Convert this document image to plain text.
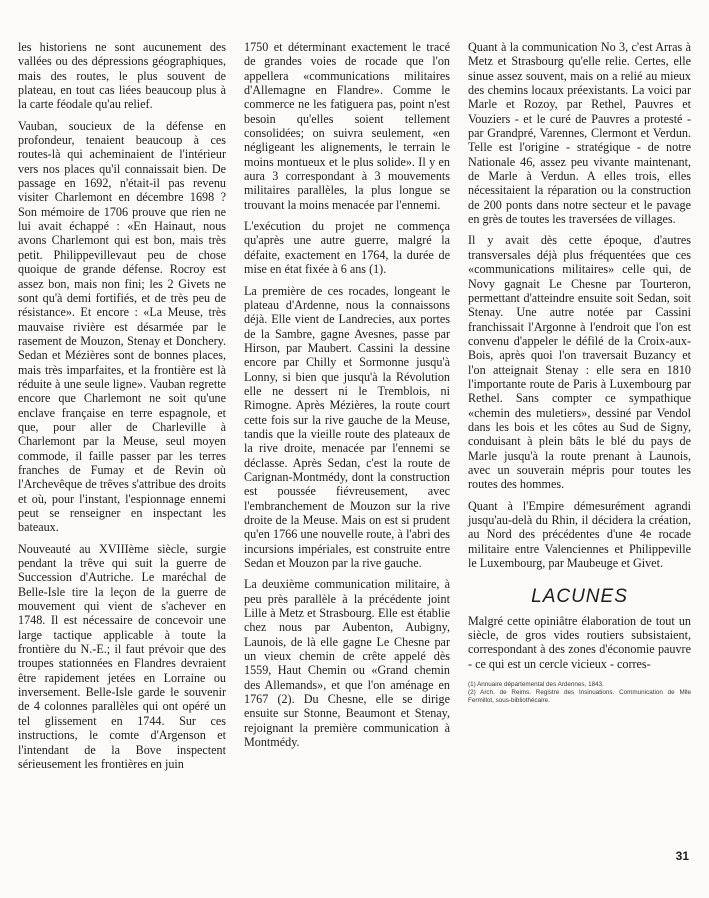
les historiens ne sont aucunement des vallées ou des dépressions géographiques, mais des routes, le plus souvent de plateau, en tout cas liées beaucoup plus à la carte féodale qu'au relief.

Vauban, soucieux de la défense en profondeur, tenaient beaucoup à ces routes-là qui acheminaient de l'intérieur vers nos places qu'il connaissait bien. De passage en 1692, n'était-il pas revenu visiter Charlemont en décembre 1698 ? Son mémoire de 1706 prouve que rien ne lui avait échappé : «En Hainaut, nous avons Charlemont qui est bon, mais très petit. Philippevillevaut peu de chose quoique de grande défense. Rocroy est assez bon, mais non fini; les 2 Givets ne sont qu'à demi fortifiés, et de très peu de résistance». Et encore : «La Meuse, très mauvaise rivière est désarmée par le rasement de Mouzon, Stenay et Donchery. Sedan et Mézières sont de bonnes places, mais très imparfaites, et la frontière est là réduite à une seule ligne». Vauban regrette encore que Charlemont ne soit qu'une enclave française en terre espagnole, et que, pour aller de Charleville à Charlemont par la Meuse, seul moyen commode, il faille passer par les terres franches de Fumay et de Revin où l'Archevêque de trêves s'attribue des droits et où, pour l'instant, l'espionnage ennemi peut se renseigner en inspectant les bateaux.

Nouveauté au XVIIIème siècle, surgie pendant la trêve qui suit la guerre de Succession d'Autriche. Le maréchal de Belle-Isle tire la leçon de la guerre de mouvement qui vient de s'achever en 1748. Il est nécessaire de concevoir une large tactique applicable à toute la frontière du N.-E.; il faut prévoir que des troupes stationnées en Flandres devraient être rapidement jetées en Lorraine ou inversement. Belle-Isle garde le souvenir de 4 colonnes parallèles qui ont opéré un tel glissement en 1744. Sur ces instructions, le comte d'Argenson et l'intendant de la Bove inspectent sérieusement les frontières en juin

1750 et déterminant exactement le tracé de grandes voies de rocade que l'on appellera «communications militaires d'Allemagne en Flandre». Comme le commerce ne les fatiguera pas, point n'est besoin qu'elles soient tellement consolidées; on suivra seulement, «en négligeant les alignements, le terrain le moins montueux et le plus solide». Il y en aura 3 correspondant à 3 mouvements militaires parallèles, la plus longue se trouvant la moins menacée par l'ennemi.

L'exécution du projet ne commença qu'après une autre guerre, malgré la défaite, exactement en 1764, la durée de mise en état fixée à 6 ans (1).

La première de ces rocades, longeant le plateau d'Ardenne, nous la connaissons déjà. Elle vient de Landrecies, aux portes de la Sambre, gagne Avesnes, passe par Hirson, par Maubert. Cassini la dessine encore par Chilly et Sormonne jusqu'à Lonny, si bien que jusqu'à la Révolution elle ne dessert ni le Tremblois, ni Rimogne. Après Mézières, la route court cette fois sur la rive gauche de la Meuse, tandis que la vieille route des plateaux de la rive droite, menacée par l'ennemi se déclasse. Après Sedan, c'est la route de Carignan-Montmédy, dont la construction est poussée fiévreusement, avec l'embranchement de Mouzon sur la rive droite de la Meuse. Mais on est si prudent qu'en 1766 une nouvelle route, à l'abri des incursions impériales, est construite entre Sedan et Mouzon par la rive gauche.

La deuxième communication militaire, à peu près parallèle à la précédente joint Lille à Metz et Strasbourg. Elle est établie chez nous par Aubenton, Aubigny, Launois, de là elle gagne Le Chesne par un vieux chemin de crête appelé dès 1559, Haut Chemin ou «Grand chemin des Allemands», et que l'on aménage en 1767 (2). Du Chesne, elle se dirige ensuite sur Stonne, Beaumont et Stenay, rejoignant la première communication à Montmédy.

Quant à la communication No 3, c'est Arras à Metz et Strasbourg qu'elle relie. Certes, elle sinue assez souvent, mais on a relié au mieux des chemins locaux préexistants. La voici par Marle et Rozoy, par Rethel, Pauvres et Vouziers - et le curé de Pauvres a protesté - par Grandpré, Varennes, Clermont et Verdun. Telle est l'origine - stratégique - de notre Nationale 46, assez peu vivante maintenant, de Marle à Verdun. A elles trois, elles nécessitaient la réparation ou la construction de 200 ponts dans notre secteur et le pavage en grès de toutes les traversées de villages.

Il y avait dès cette époque, d'autres transversales déjà plus fréquentées que ces «communications militaires» celle qui, de Novy gagnait Le Chesne par Tourteron, permettant d'atteindre ensuite soit Sedan, soit Stenay. Une autre notée par Cassini franchissait l'Argonne à l'endroit que l'on est convenu d'appeler le défilé de la Croix-aux-Bois, après quoi l'on traversait Buzancy et l'on atteignait Stenay : elle sera en 1810 l'importante route de Paris à Luxembourg par Rethel. Sans compter ce sympathique «chemin des muletiers», dessiné par Vendol dans les bois et les côtes au Sud de Signy, conduisant à plein bâts le blé du pays de Marle jusqu'à la route prenant à Launois, avec un souverain mépris pour toutes les routes des hommes.

Quant à l'Empire démesurément agrandi jusqu'au-delà du Rhin, il décidera la création, au Nord des précédentes d'une 4e rocade militaire entre Valenciennes et Philippeville le Luxembourg, par Maubeuge et Givet.

LACUNES

Malgré cette opiniâtre élaboration de tout un siècle, de gros vides routiers subsistaient, correspondant à des zones d'économie pauvre - ce qui est un cercle vicieux - corres-

(1) Annuaire départemental des Ardennes, 1843.
(2) Arch. de Reims. Registre des Insinuations. Communication de Mlle Fermillot, sous-bibliothécaire.
31
